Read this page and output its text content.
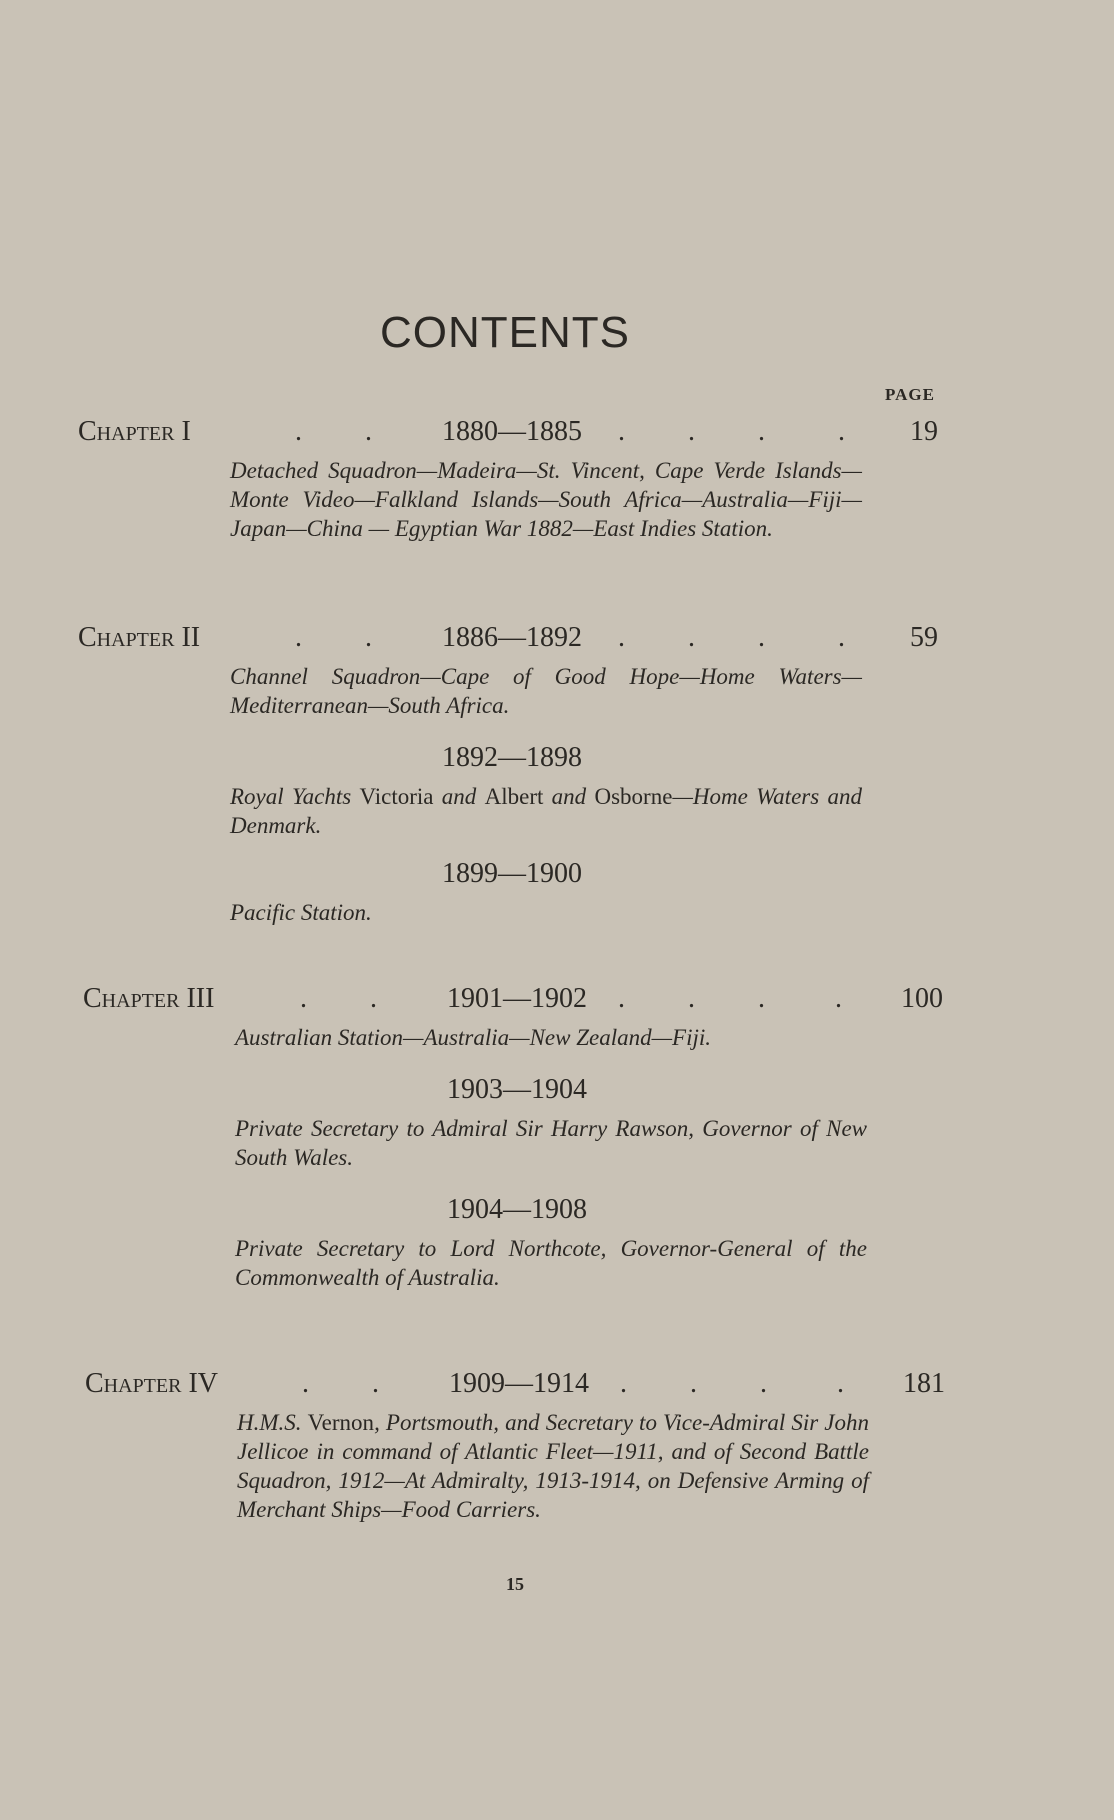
CONTENTS
PAGE
Chapter I	. .	1880—1885 . . .	. 19
Detached Squadron—Madeira—St. Vincent, Cape Verde Islands—Monte Video—Falkland Islands—South Africa—Australia—Fiji—Japan—China — Egyptian War 1882—East Indies Station.
Chapter II	. .	1886—1892 . . .	. 59
Channel Squadron—Cape of Good Hope—Home Waters—Mediterranean—South Africa.
1892—1898
Royal Yachts Victoria and Albert and Osborne—Home Waters and Denmark.
1899—1900
Pacific Station.
Chapter III	. .	1901—1902 . . .	. 100
Australian Station—Australia—New Zealand—Fiji.
1903—1904
Private Secretary to Admiral Sir Harry Rawson, Governor of New South Wales.
1904—1908
Private Secretary to Lord Northcote, Governor-General of the Commonwealth of Australia.
Chapter IV	. .	1909—1914 . . .	. 181
H.M.S. Vernon, Portsmouth, and Secretary to Vice-Admiral Sir John Jellicoe in command of Atlantic Fleet—1911, and of Second Battle Squadron, 1912—At Admiralty, 1913-1914, on Defensive Arming of Merchant Ships—Food Carriers.
15
